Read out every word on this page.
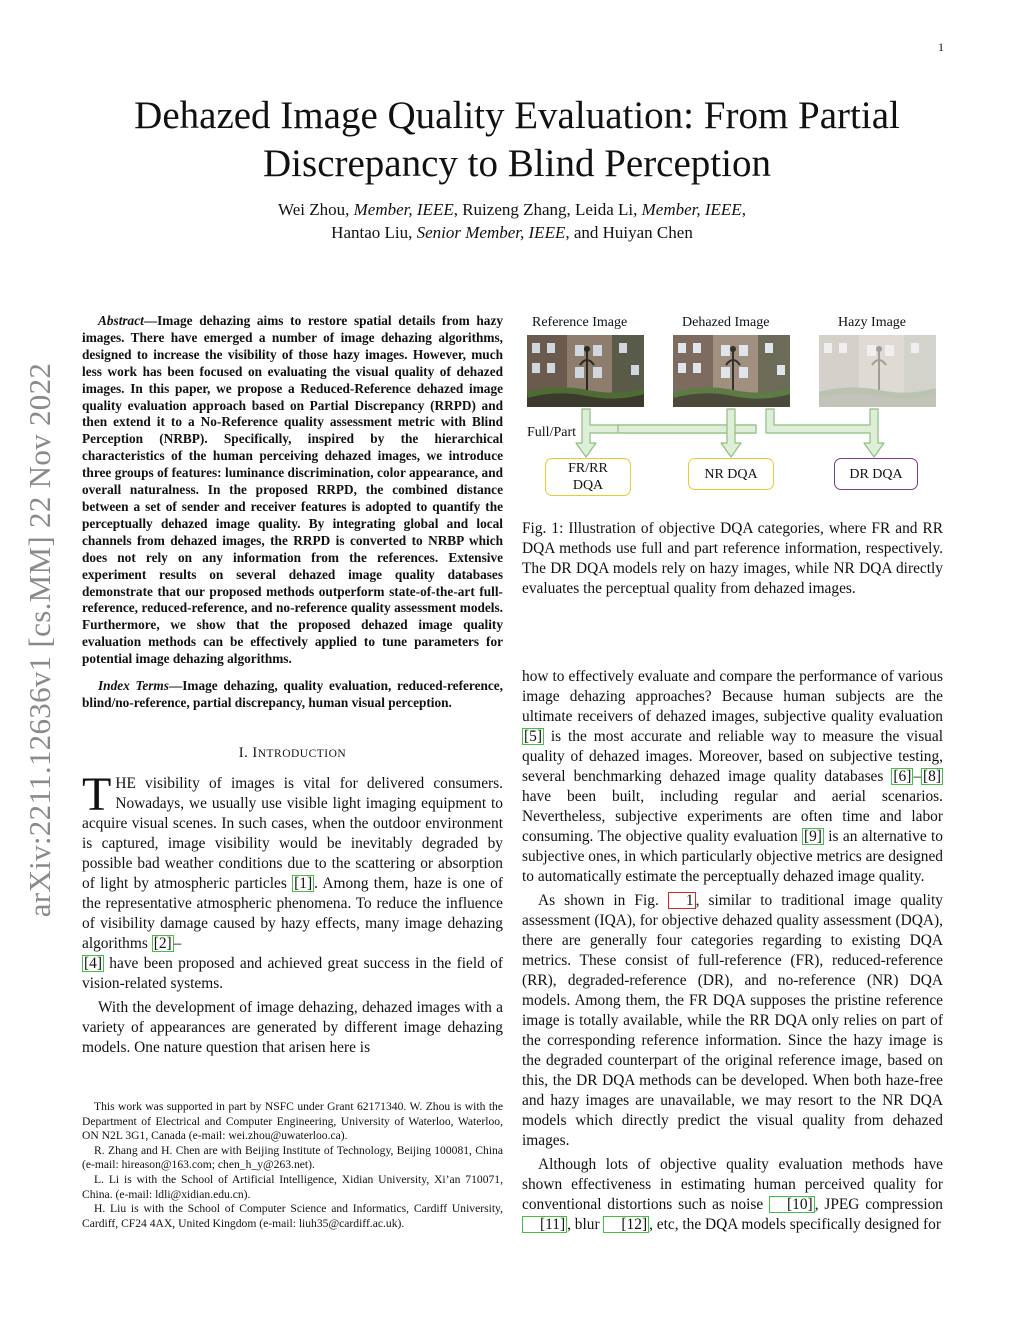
1
arXiv:2211.12636v1 [cs.MM] 22 Nov 2022
Dehazed Image Quality Evaluation: From Partial
Discrepancy to Blind Perception
Wei Zhou, Member, IEEE, Ruizeng Zhang, Leida Li, Member, IEEE,
Hantao Liu, Senior Member, IEEE, and Huiyan Chen

Abstract—Image dehazing aims to restore spatial details from hazy images. There have emerged a number of image dehazing algorithms, designed to increase the visibility of those hazy images. However, much less work has been focused on evaluating the visual quality of dehazed images. In this paper, we propose a Reduced-Reference dehazed image quality evaluation approach based on Partial Discrepancy (RRPD) and then extend it to a No-Reference quality assessment metric with Blind Perception (NRBP). Specifically, inspired by the hierarchical characteristics of the human perceiving dehazed images, we introduce three groups of features: luminance discrimination, color appearance, and overall naturalness. In the proposed RRPD, the combined distance between a set of sender and receiver features is adopted to quantify the perceptually dehazed image quality. By integrating global and local channels from dehazed images, the RRPD is converted to NRBP which does not rely on any information from the references. Extensive experiment results on several dehazed image quality databases demonstrate that our proposed methods outperform state-of-the-art full-reference, reduced-reference, and no-reference quality assessment models. Furthermore, we show that the proposed dehazed image quality evaluation methods can be effectively applied to tune parameters for potential image dehazing algorithms.

Index Terms—Image dehazing, quality evaluation, reduced-reference, blind/no-reference, partial discrepancy, human visual perception.

I. INTRODUCTION

THE visibility of images is vital for delivered consumers. Nowadays, we usually use visible light imaging equipment to acquire visual scenes. In such cases, when the outdoor environment is captured, image visibility would be inevitably degraded by possible bad weather conditions due to the scattering or absorption of light by atmospheric particles [1] . Among them, haze is one of the representative atmospheric phenomena. To reduce the influence of visibility damage caused by hazy effects, many image dehazing algorithms [2] –
[4] have been proposed and achieved great success in the field of vision-related systems.

With the development of image dehazing, dehazed images with a variety of appearances are generated by different image dehazing models. One nature question that arisen here is

This work was supported in part by NSFC under Grant 62171340. W. Zhou is with the Department of Electrical and Computer Engineering, University of Waterloo, Waterloo, ON N2L 3G1, Canada (e-mail: wei.zhou@uwaterloo.ca).

R. Zhang and H. Chen are with Beijing Institute of Technology, Beijing 100081, China (e-mail: hireason@163.com; chen_h_y@263.net).

L. Li is with the School of Artificial Intelligence, Xidian University, Xi’an 710071, China. (e-mail: ldli@xidian.edu.cn).

H. Liu is with the School of Computer Science and Informatics, Cardiff University, Cardiff, CF24 4AX, United Kingdom (e-mail: liuh35@cardiff.ac.uk).

Reference Image	Dehazed Image	Hazy Image
Full/Part
FR/RR
DQA
NR DQA	DR DQA

Fig. 1: Illustration of objective DQA categories, where FR and RR DQA methods use full and part reference information, respectively. The DR DQA models rely on hazy images, while NR DQA directly evaluates the perceptual quality from dehazed images.

how to effectively evaluate and compare the performance of various image dehazing approaches? Because human subjects are the ultimate receivers of dehazed images, subjective quality evaluation [5] is the most accurate and reliable way to measure the visual quality of dehazed images. Moreover, based on subjective testing, several benchmarking dehazed image quality databases [6] – [8] have been built, including regular and aerial scenarios. Nevertheless, subjective experiments are often time and labor consuming. The objective quality evaluation [9] is an alternative to subjective ones, in which particularly objective metrics are designed to automatically estimate the perceptually dehazed image quality.

As shown in Fig. 1 , similar to traditional image quality assessment (IQA), for objective dehazed quality assessment (DQA), there are generally four categories regarding to existing DQA metrics. These consist of full-reference (FR), reduced-reference (RR), degraded-reference (DR), and no-reference (NR) DQA models. Among them, the FR DQA supposes the pristine reference image is totally available, while the RR DQA only relies on part of the corresponding reference information. Since the hazy image is the degraded counterpart of the original reference image, based on this, the DR DQA methods can be developed. When both haze-free and hazy images are unavailable, we may resort to the NR DQA models which directly predict the visual quality from dehazed images.

Although lots of objective quality evaluation methods have shown effectiveness in estimating human perceived quality for conventional distortions such as noise [10] , JPEG compression [11] , blur [12] , etc, the DQA models specifically designed for
